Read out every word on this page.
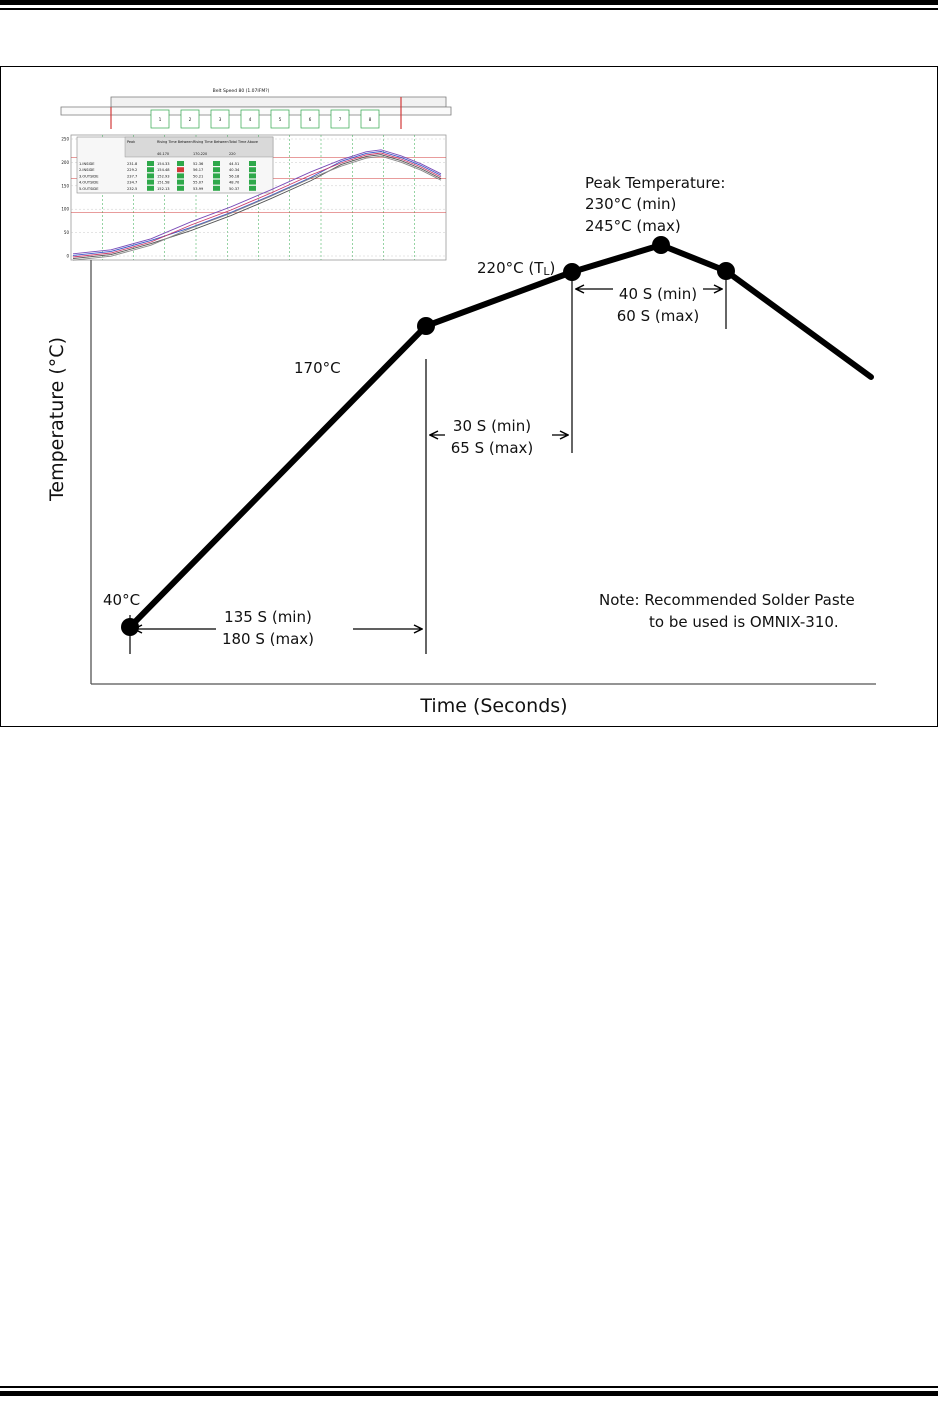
Belt Speed 80 (1.07IFM?)
1	2	3	4	5	6	7	8
250
200
150
100
50
0
Peak	Rising Time Between Rising Time Between Total Time Above
40-170	170-220	220
1.INSIDE	231.8	154.33	52.36	44.51
2.INSIDE	229.2	154.48	56.17	40.34
3.OUTSIDE	237.7	152.93	50.21	56.18
4.OUTSIDE	234.7	151.58	55.07	48.70
5.OUTSIDE	232.5	152.13	53.99	50.37
Temperature (°C)
Time (Seconds)
40°C
170°C
220°C (TL)
Peak Temperature:
230°C (min)
245°C (max)
135 S (min)
180 S (max)
30 S (min)
65 S (max)
40 S (min)
60 S (max)
Note: Recommended Solder Paste
to be used is OMNIX-310.
